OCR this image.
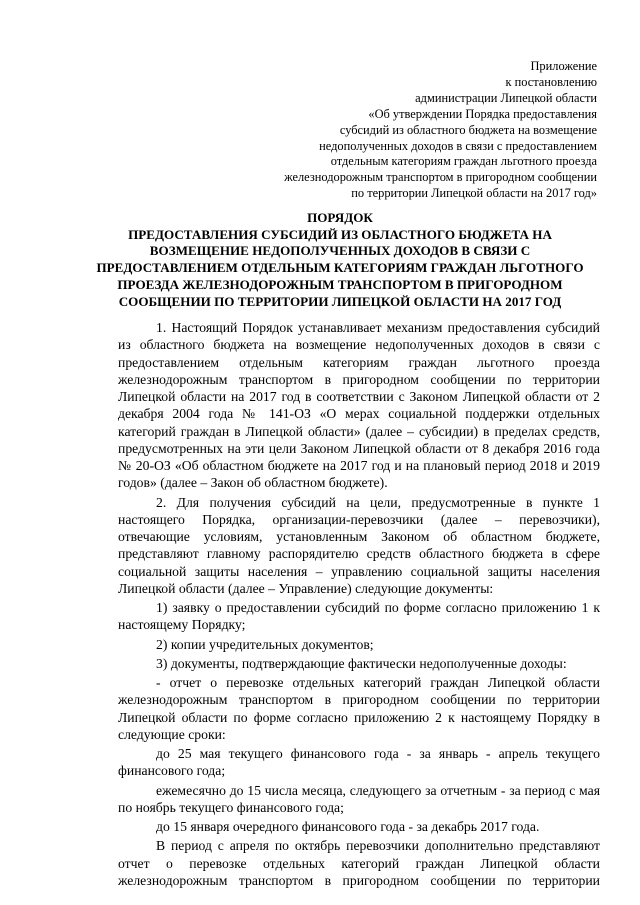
Приложение
к постановлению
администрации Липецкой области
«Об утверждении Порядка предоставления
субсидий из областного бюджета на возмещение
недополученных доходов в связи с предоставлением
отдельным категориям граждан льготного проезда
железнодорожным транспортом в пригородном сообщении
по территории Липецкой области на 2017 год»
ПОРЯДОК
ПРЕДОСТАВЛЕНИЯ СУБСИДИЙ ИЗ ОБЛАСТНОГО БЮДЖЕТА НА
ВОЗМЕЩЕНИЕ НЕДОПОЛУЧЕННЫХ ДОХОДОВ В СВЯЗИ С
ПРЕДОСТАВЛЕНИЕМ ОТДЕЛЬНЫМ КАТЕГОРИЯМ ГРАЖДАН ЛЬГОТНОГО
ПРОЕЗДА ЖЕЛЕЗНОДОРОЖНЫМ ТРАНСПОРТОМ В ПРИГОРОДНОМ
СООБЩЕНИИ ПО ТЕРРИТОРИИ ЛИПЕЦКОЙ ОБЛАСТИ НА 2017 ГОД

1. Настоящий Порядок устанавливает механизм предоставления субсидий из областного бюджета на возмещение недополученных доходов в связи с предоставлением отдельным категориям граждан льготного проезда железнодорожным транспортом в пригородном сообщении по территории Липецкой области на 2017 год в соответствии с Законом Липецкой области от 2 декабря 2004 года № 141-ОЗ «О мерах социальной поддержки отдельных категорий граждан в Липецкой области» (далее – субсидии) в пределах средств, предусмотренных на эти цели Законом Липецкой области от 8 декабря 2016 года № 20-ОЗ «Об областном бюджете на 2017 год и на плановый период 2018 и 2019 годов» (далее – Закон об областном бюджете).

2. Для получения субсидий на цели, предусмотренные в пункте 1 настоящего Порядка, организации-перевозчики (далее – перевозчики), отвечающие условиям, установленным Законом об областном бюджете, представляют главному распорядителю средств областного бюджета в сфере социальной защиты населения – управлению социальной защиты населения Липецкой области (далее – Управление) следующие документы:

1) заявку о предоставлении субсидий по форме согласно приложению 1 к настоящему Порядку;

2) копии учредительных документов;

3) документы, подтверждающие фактически недополученные доходы:

- отчет о перевозке отдельных категорий граждан Липецкой области железнодорожным транспортом в пригородном сообщении по территории Липецкой области по форме согласно приложению 2 к настоящему Порядку в следующие сроки:

до 25 мая текущего финансового года - за январь - апрель текущего финансового года;

ежемесячно до 15 числа месяца, следующего за отчетным - за период с мая по ноябрь текущего финансового года;

до 15 января очередного финансового года - за декабрь 2017 года.

В период с апреля по октябрь перевозчики дополнительно представляют отчет о перевозке отдельных категорий граждан Липецкой области железнодорожным транспортом в пригородном сообщении по территории
